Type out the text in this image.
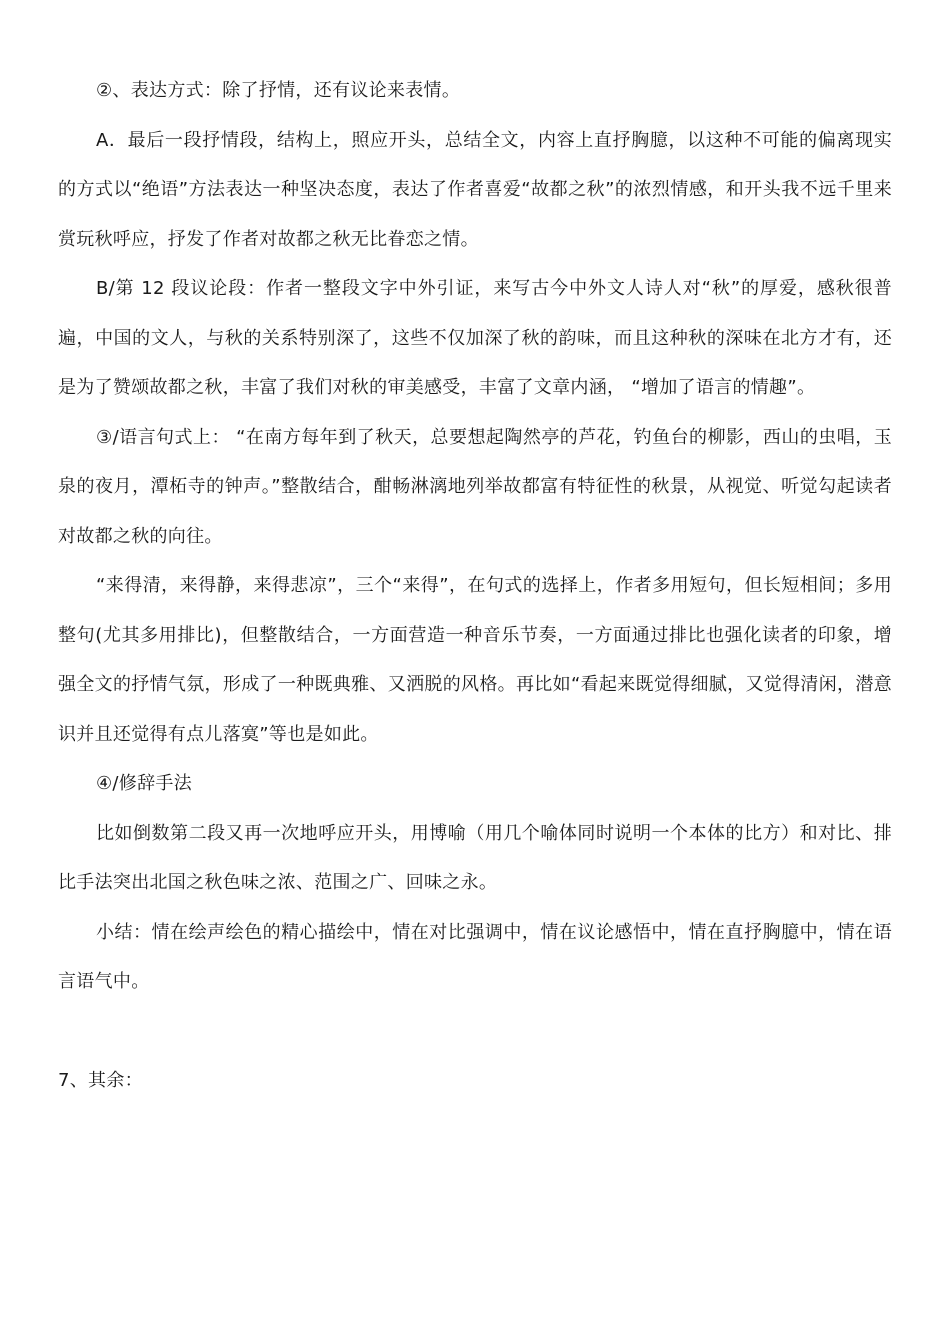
②、表达方式：除了抒情，还有议论来表情。

A．最后一段抒情段，结构上，照应开头，总结全文，内容上直抒胸臆，以这种不可能的偏离现实的方式以“绝语”方法表达一种坚决态度，表达了作者喜爱“故都之秋”的浓烈情感，和开头我不远千里来赏玩秋呼应，抒发了作者对故都之秋无比眷恋之情。

B/第 12 段议论段：作者一整段文字中外引证，来写古今中外文人诗人对“秋”的厚爱，感秋很普遍，中国的文人，与秋的关系特别深了，这些不仅加深了秋的韵味，而且这种秋的深味在北方才有，还是为了赞颂故都之秋，丰富了我们对秋的审美感受，丰富了文章内涵， “增加了语言的情趣”。

③/语言句式上： “在南方每年到了秋天，总要想起陶然亭的芦花，钓鱼台的柳影，西山的虫唱，玉泉的夜月，潭柘寺的钟声。”整散结合，酣畅淋漓地列举故都富有特征性的秋景，从视觉、听觉勾起读者对故都之秋的向往。

“来得清，来得静，来得悲凉”，三个“来得”，在句式的选择上，作者多用短句，但长短相间；多用整句(尤其多用排比)，但整散结合，一方面营造一种音乐节奏，一方面通过排比也强化读者的印象，增强全文的抒情气氛，形成了一种既典雅、又洒脱的风格。再比如“看起来既觉得细腻，又觉得清闲，潜意识并且还觉得有点儿落寞”等也是如此。

④/修辞手法

比如倒数第二段又再一次地呼应开头，用博喻（用几个喻体同时说明一个本体的比方）和对比、排比手法突出北国之秋色味之浓、范围之广、回味之永。

小结：情在绘声绘色的精心描绘中，情在对比强调中，情在议论感悟中，情在直抒胸臆中，情在语言语气中。

7、其余：
